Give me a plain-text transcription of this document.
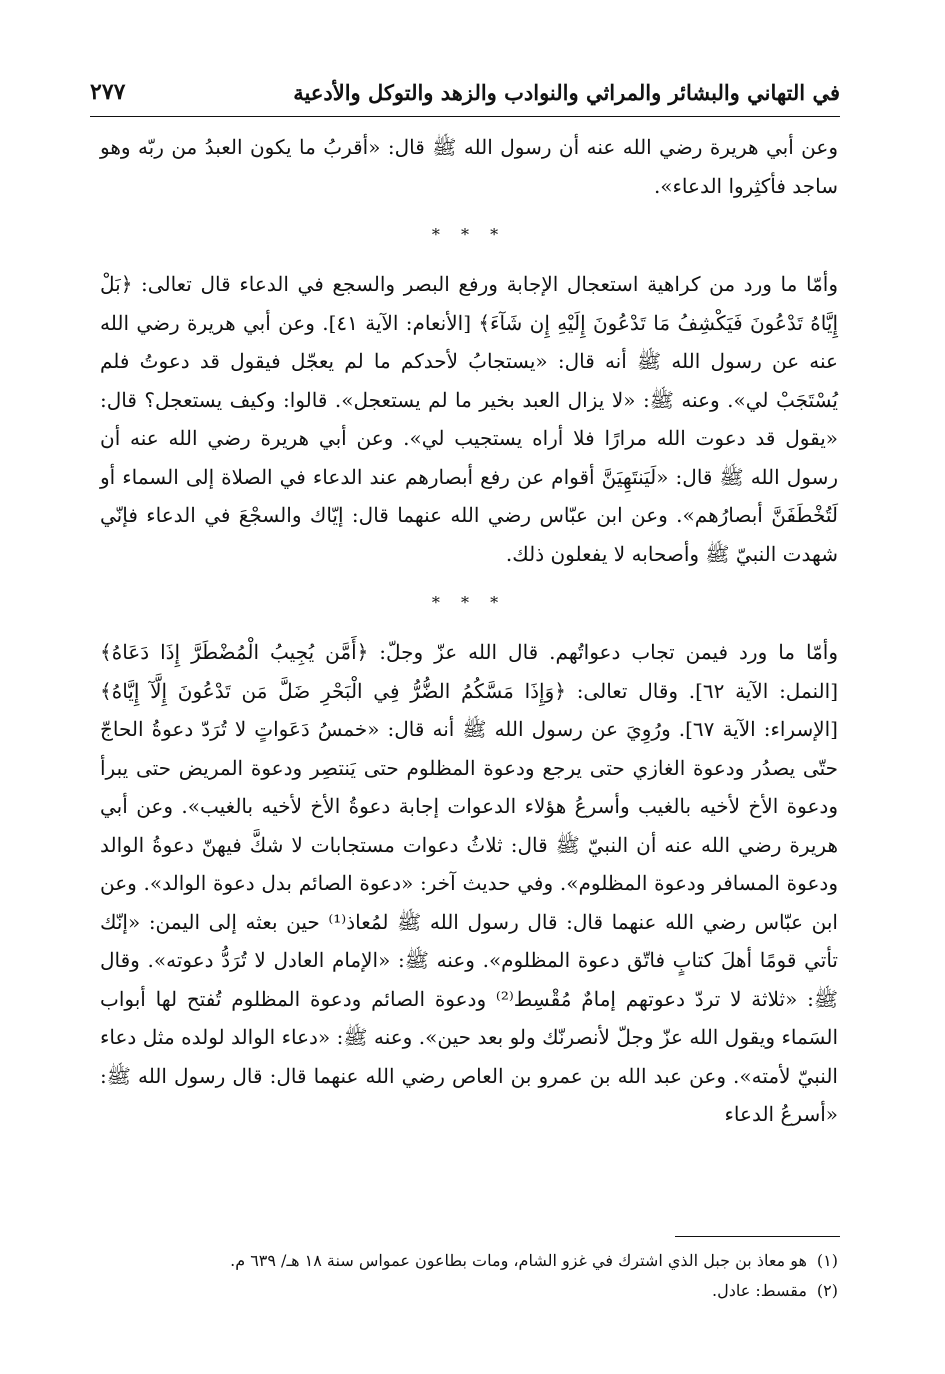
في التهاني والبشائر والمراثي والنوادب والزهد والتوكل والأدعية
٢٧٧

وعن أبي هريرة رضي الله عنه أن رسول الله ﷺ قال: «أقربُ ما يكون العبدُ من ربّه وهو ساجد فأكثِروا الدعاء».

* * *

وأمّا ما ورد من كراهية استعجال الإجابة ورفع البصر والسجع في الدعاء قال تعالى: ﴿بَلْ إِيَّاهُ تَدْعُونَ فَيَكْشِفُ مَا تَدْعُونَ إِلَيْهِ إِن شَآءَ﴾ [الأنعام: الآية ٤١]. وعن أبي هريرة رضي الله عنه عن رسول الله ﷺ أنه قال: «يستجابُ لأحدكم ما لم يعجّل فيقول قد دعوتُ فلم يُسْتَجَبْ لي». وعنه ﷺ: «لا يزال العبد بخير ما لم يستعجل». قالوا: وكيف يستعجل؟ قال: «يقول قد دعوت الله مرارًا فلا أراه يستجيب لي». وعن أبي هريرة رضي الله عنه أن رسول الله ﷺ قال: «لَيَنتَهِيَنَّ أقوام عن رفع أبصارهم عند الدعاء في الصلاة إلى السماء أو لَتُخْطَفَنَّ أبصارُهم». وعن ابن عبّاس رضي الله عنهما قال: إيّاك والسجْعَ في الدعاء فإنّي شهدت النبيّ ﷺ وأصحابه لا يفعلون ذلك.

* * *

وأمّا ما ورد فيمن تجاب دعواتُهم. قال الله عزّ وجلّ: ﴿أَمَّن يُجِيبُ الْمُضْطَرَّ إِذَا دَعَاهُ﴾ [النمل: الآية ٦٢]. وقال تعالى: ﴿وَإِذَا مَسَّكُمُ الضُّرُّ فِي الْبَحْرِ ضَلَّ مَن تَدْعُونَ إِلَّآ إِيَّاهُ﴾ [الإسراء: الآية ٦٧]. ورُوِيَ عن رسول الله ﷺ أنه قال: «خمسُ دَعَواتٍ لا تُرَدّ دعوةُ الحاجّ حتّى يصدُر ودعوة الغازي حتى يرجع ودعوة المظلوم حتى يَنتصِر ودعوة المريض حتى يبرأ ودعوة الأخ لأخيه بالغيب وأسرعُ هؤلاء الدعوات إجابة دعوةُ الأخ لأخيه بالغيب». وعن أبي هريرة رضي الله عنه أن النبيّ ﷺ قال: ثلاثُ دعوات مستجابات لا شكَّ فيهنّ دعوةُ الوالد ودعوة المسافر ودعوة المظلوم». وفي حديث آخر: «دعوة الصائم بدل دعوة الوالد». وعن ابن عبّاس رضي الله عنهما قال: قال رسول الله ﷺ لمُعاذ⁽¹⁾ حين بعثه إلى اليمن: «إنّك تأتي قومًا أهلَ كتابٍ فاتّق دعوة المظلوم». وعنه ﷺ: «الإمام العادل لا تُرَدُّ دعوته». وقال ﷺ: «ثلاثة لا تردّ دعوتهم إمامٌ مُقْسِط⁽²⁾ ودعوة الصائم ودعوة المظلوم تُفتح لها أبواب السَماء ويقول الله عزّ وجلّ لأنصرنّك ولو بعد حين». وعنه ﷺ: «دعاء الوالد لولده مثل دعاء النبيّ لأمته». وعن عبد الله بن عمرو بن العاص رضي الله عنهما قال: قال رسول الله ﷺ: «أسرعُ الدعاء

(١)
هو معاذ بن جبل الذي اشترك في غزو الشام، ومات بطاعون عمواس سنة ١٨ هـ/ ٦٣٩ م.
(٢)
مقسط: عادل.
